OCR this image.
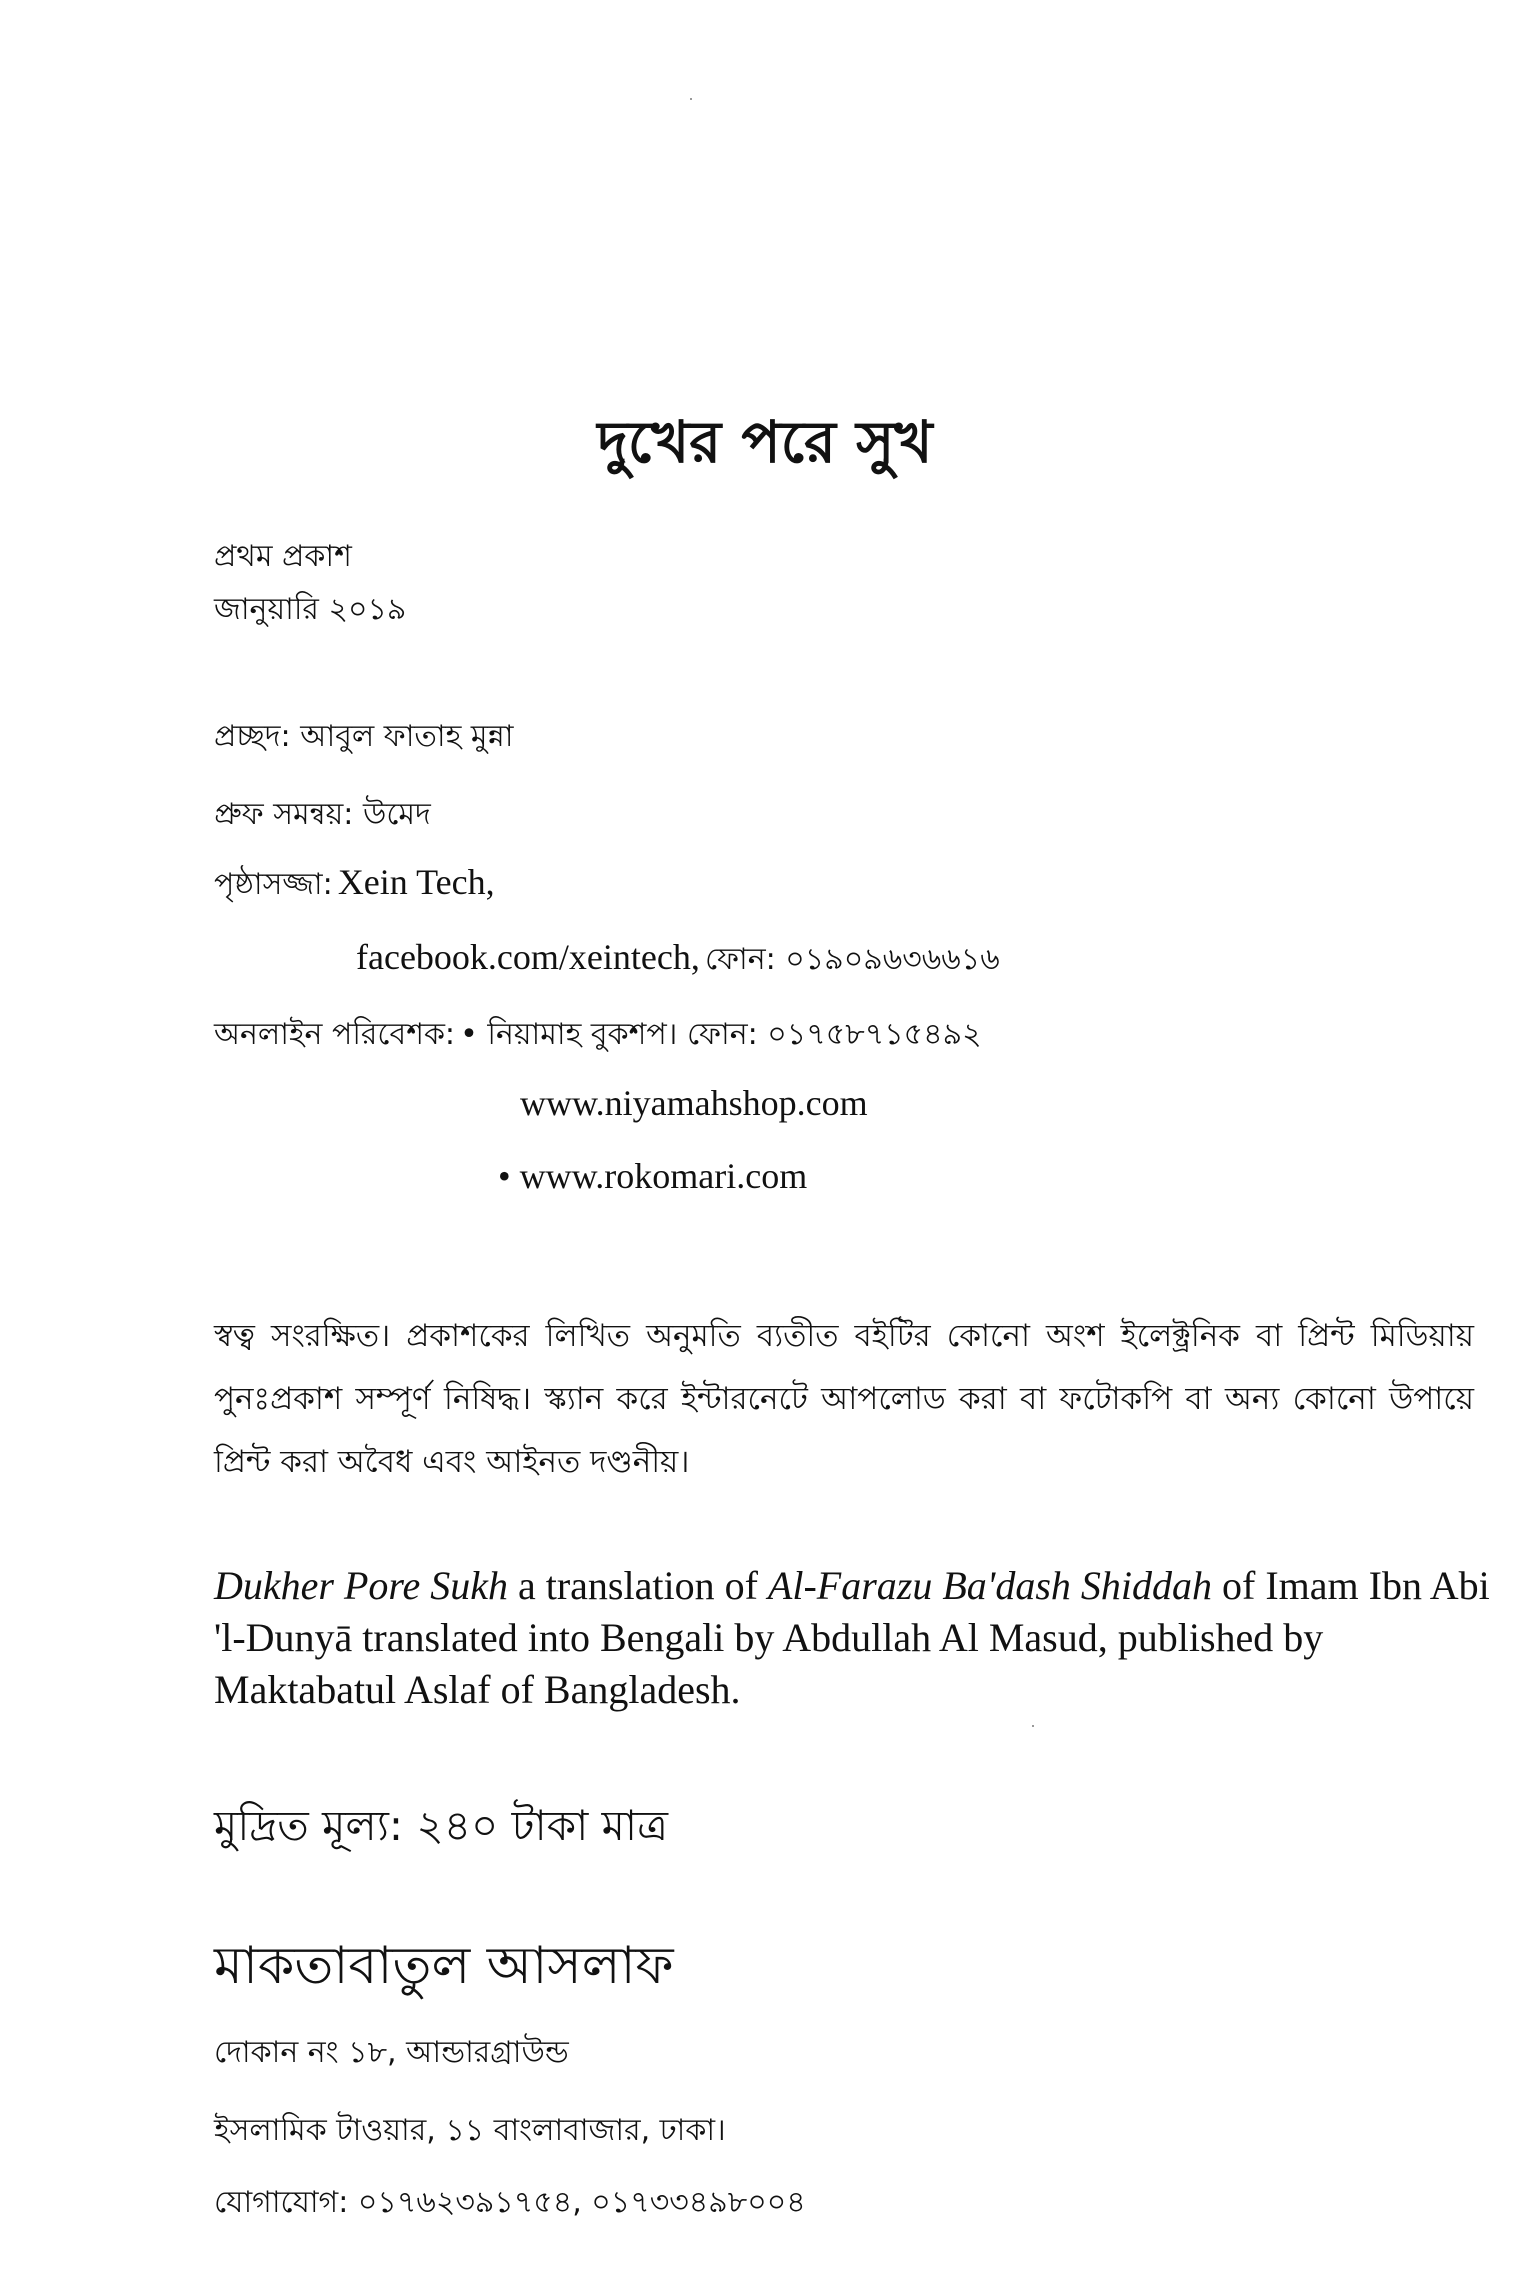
দুখের পরে সুখ
প্রথম প্রকাশ
জানুয়ারি ২০১৯
প্রচ্ছদ: আবুল ফাতাহ মুন্না
প্রুফ সমন্বয়: উমেদ
পৃষ্ঠাসজ্জা: Xein Tech,
facebook.com/xeintech, ফোন: ০১৯০৯৬৩৬৬১৬
অনলাইন পরিবেশক: • নিয়ামাহ বুকশপ। ফোন: ০১৭৫৮৭১৫৪৯২
www.niyamahshop.com
• www.rokomari.com
স্বত্ব সংরক্ষিত। প্রকাশকের লিখিত অনুমতি ব্যতীত বইটির কোনো অংশ ইলেক্ট্রনিক বা প্রিন্ট মিডিয়ায় পুনঃপ্রকাশ সম্পূর্ণ নিষিদ্ধ। স্ক্যান করে ইন্টারনেটে আপলোড করা বা ফটোকপি বা অন্য কোনো উপায়ে প্রিন্ট করা অবৈধ এবং আইনত দণ্ডনীয়।
Dukher Pore Sukh a translation of Al-Farazu Ba'dash Shiddah of Imam Ibn Abi 'l-Dunyā translated into Bengali by Abdullah Al Masud, published by Maktabatul Aslaf of Bangladesh.
মুদ্রিত মূল্য: ২৪০ টাকা মাত্র
মাকতাবাতুল আসলাফ
দোকান নং ১৮, আন্ডারগ্রাউন্ড
ইসলামিক টাওয়ার, ১১ বাংলাবাজার, ঢাকা।
যোগাযোগ: ০১৭৬২৩৯১৭৫৪, ০১৭৩৩৪৯৮০০৪
